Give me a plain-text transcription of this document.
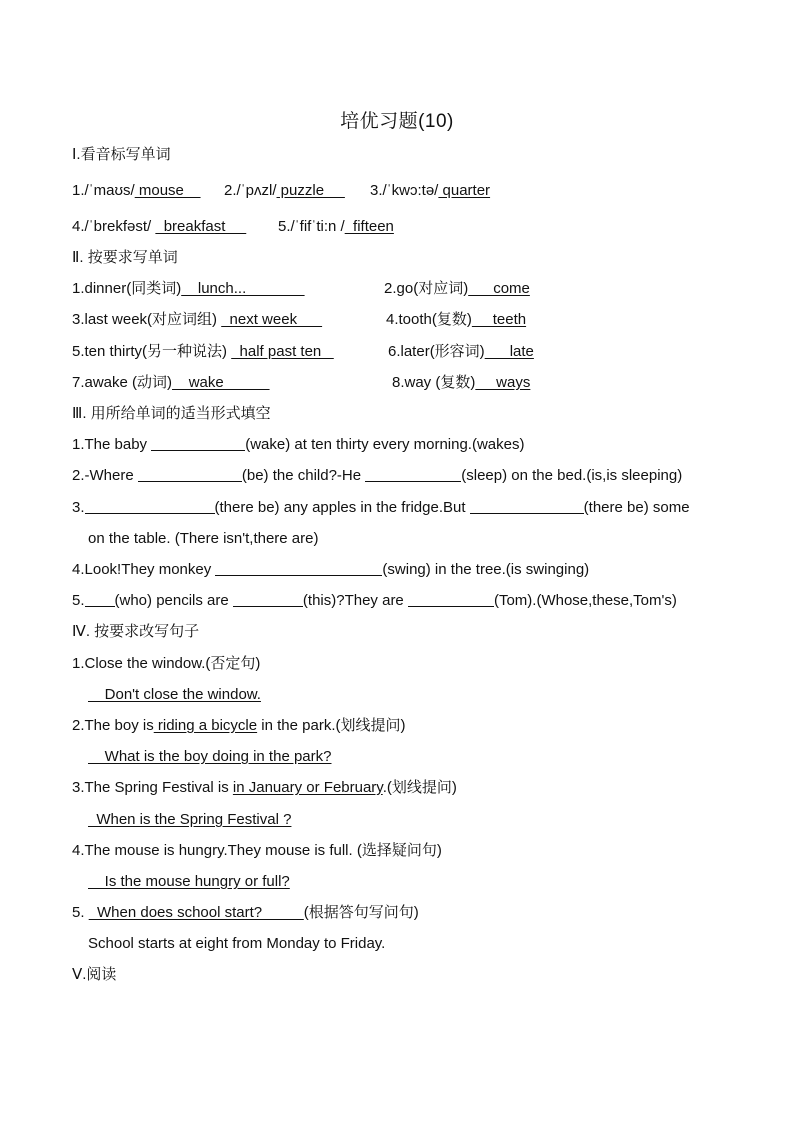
培优习题(10)
Ⅰ.看音标写单词
1./ˈmaʊs/ mouse 2./ˈpʌzl/ puzzle 3./ˈkwɔ:tə/ quarter
4./ˈbrekfəst/   breakfast 5./ˈfifˈti:n /  fifteen
Ⅱ. 按要求写单词
1.dinner(同类词)    lunch...	2.go(对应词)      come
3.last week(对应词组)   next week	4.tooth(复数)     teeth
5.ten thirty(另一种说法)   half past ten	6.later(形容词)      late
7.awake (动词)    wake	8.way (复数)     ways
Ⅲ. 用所给单词的适当形式填空
1.The baby	(wake) at ten thirty every morning.(wakes)
2.-Where	(be) the child?-He	(sleep) on the bed.(is,is sleeping)
3.	(there be) any apples in the fridge.But	(there be) some
on the table. (There isn't,there are)
4.Look!They monkey	(swing) in the tree.(is swinging)
5. (who) pencils are	(this)?They are	(Tom).(Whose,these,Tom's)
Ⅳ. 按要求改写句子
1.Close the window.(否定句)
Don't close the window.
2.The boy is riding a bicycle in the park.(划线提问)
What is the boy doing in the park?
3.The Spring Festival is in January or February.(划线提问)
When is the Spring Festival ?
4.The mouse is hungry.They mouse is full. (选择疑问句)
Is the mouse hungry or full?
5.   When does school start?          (根据答句写问句)
School starts at eight from Monday to Friday.
Ⅴ.阅读
